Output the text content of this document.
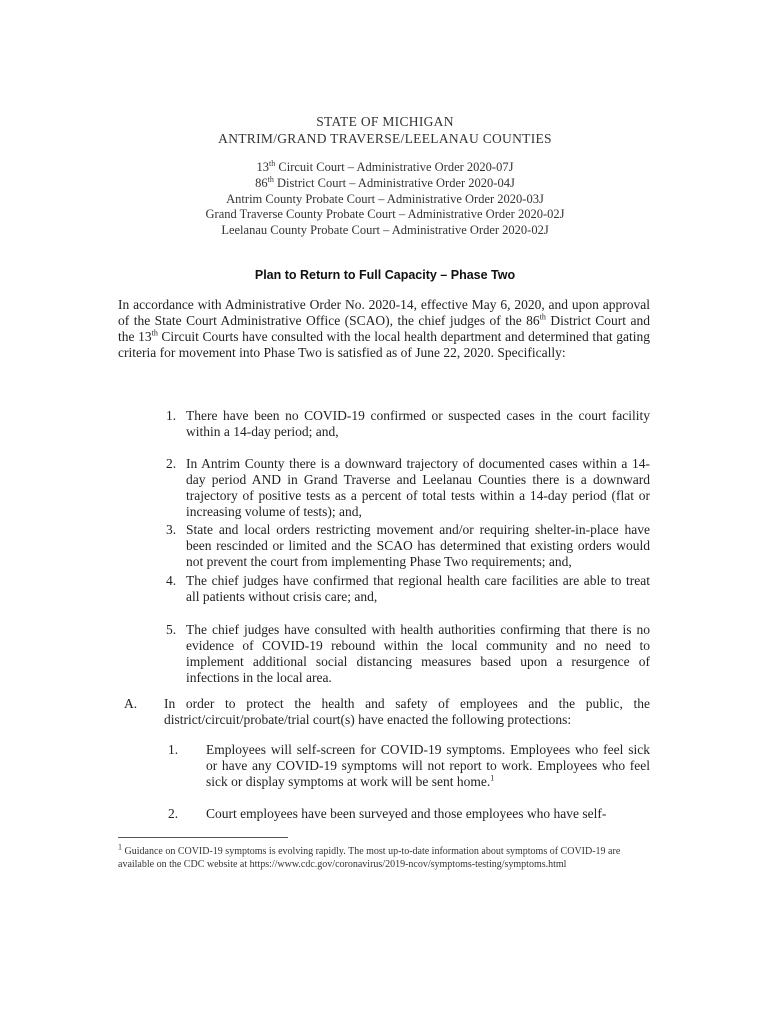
STATE OF MICHIGAN
ANTRIM/GRAND TRAVERSE/LEELANAU COUNTIES
13th Circuit Court – Administrative Order 2020-07J
86th District Court – Administrative Order 2020-04J
Antrim County Probate Court – Administrative Order 2020-03J
Grand Traverse County Probate Court – Administrative Order 2020-02J
Leelanau County Probate Court – Administrative Order 2020-02J
Plan to Return to Full Capacity – Phase Two
In accordance with Administrative Order No. 2020-14, effective May 6, 2020, and upon approval of the State Court Administrative Office (SCAO), the chief judges of the 86th District Court and the 13th Circuit Courts have consulted with the local health department and determined that gating criteria for movement into Phase Two is satisfied as of June 22, 2020. Specifically:
1. There have been no COVID-19 confirmed or suspected cases in the court facility within a 14-day period; and,
2. In Antrim County there is a downward trajectory of documented cases within a 14-day period AND in Grand Traverse and Leelanau Counties there is a downward trajectory of positive tests as a percent of total tests within a 14-day period (flat or increasing volume of tests); and,
3. State and local orders restricting movement and/or requiring shelter-in-place have been rescinded or limited and the SCAO has determined that existing orders would not prevent the court from implementing Phase Two requirements; and,
4. The chief judges have confirmed that regional health care facilities are able to treat all patients without crisis care; and,
5. The chief judges have consulted with health authorities confirming that there is no evidence of COVID-19 rebound within the local community and no need to implement additional social distancing measures based upon a resurgence of infections in the local area.
A. In order to protect the health and safety of employees and the public, the district/circuit/probate/trial court(s) have enacted the following protections:
1. Employees will self-screen for COVID-19 symptoms. Employees who feel sick or have any COVID-19 symptoms will not report to work. Employees who feel sick or display symptoms at work will be sent home.$^1$
2. Court employees have been surveyed and those employees who have self-
$^1$ Guidance on COVID-19 symptoms is evolving rapidly. The most up-to-date information about symptoms of COVID-19 are available on the CDC website at https://www.cdc.gov/coronavirus/2019-ncov/symptoms-testing/symptoms.html
